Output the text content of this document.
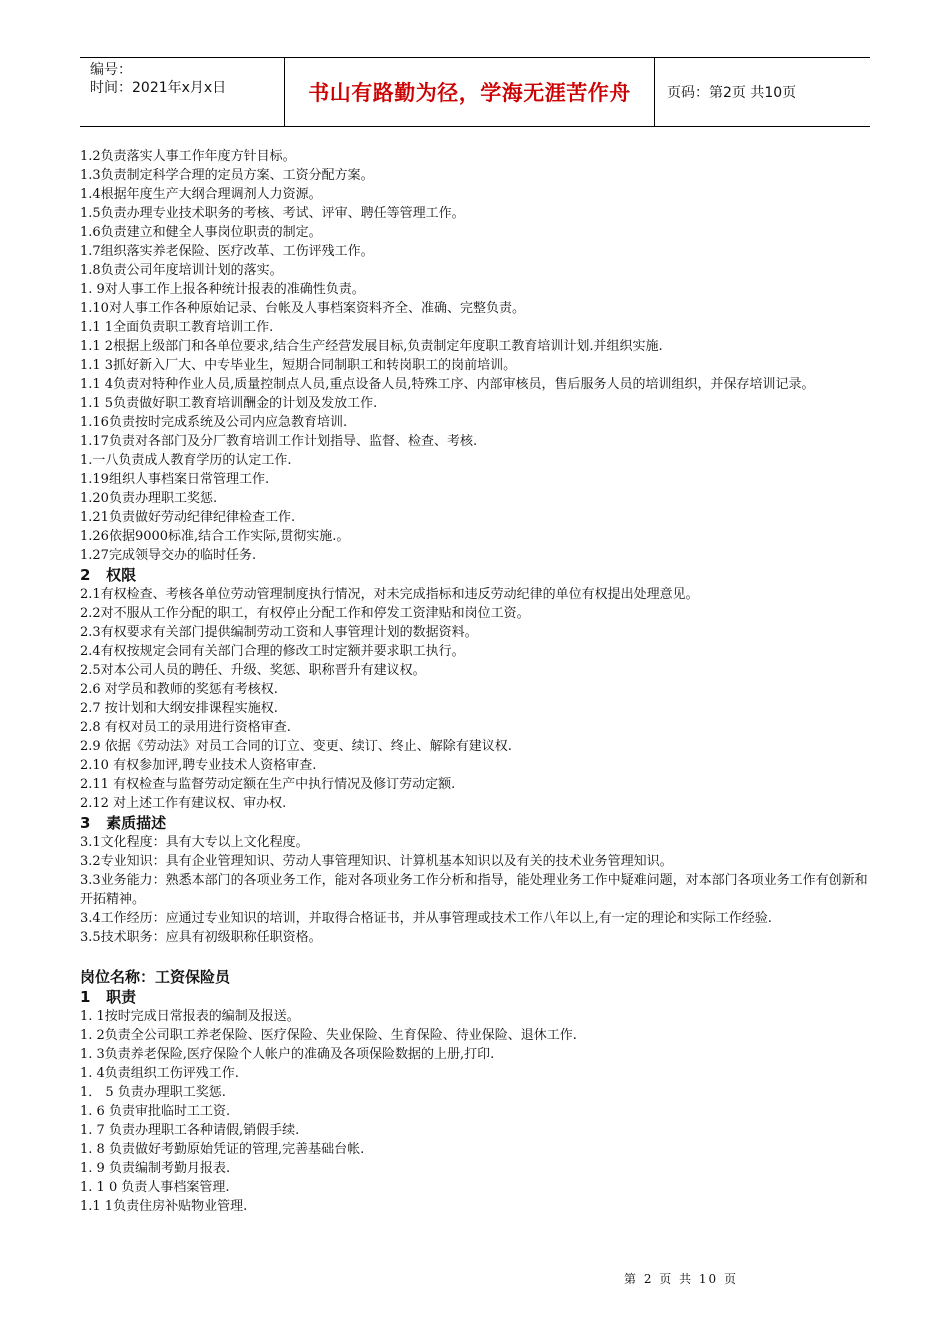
编号：
时间：2021年x月x日	书山有路勤为径，学海无涯苦作舟	页码：第2页 共10页

1.2负责落实人事工作年度方针目标。

1.3负责制定科学合理的定员方案、工资分配方案。

1.4根据年度生产大纲合理调剂人力资源。

1.5负责办理专业技术职务的考核、考试、评审、聘任等管理工作。

1.6负责建立和健全人事岗位职责的制定。

1.7组织落实养老保险、医疗改革、工伤评残工作。

1.8负责公司年度培训计划的落实。

1. 9对人事工作上报各种统计报表的准确性负责。

1.10对人事工作各种原始记录、台帐及人事档案资料齐全、准确、完整负责。

1.1 1全面负责职工教育培训工作.

1.1 2根据上级部门和各单位要求,结合生产经营发展目标,负责制定年度职工教育培训计划.并组织实施.

1.1 3抓好新入厂大、中专毕业生，短期合同制职工和转岗职工的岗前培训。

1.1 4负责对特种作业人员,质量控制点人员,重点设备人员,特殊工序、内部审核员，售后服务人员的培训组织，并保存培训记录。

1.1 5负责做好职工教育培训酬金的计划及发放工作.

1.16负责按时完成系统及公司内应急教育培训.

1.17负责对各部门及分厂教育培训工作计划指导、监督、检查、考核.

1.一八负责成人教育学历的认定工作.

1.19组织人事档案日常管理工作.

1.20负责办理职工奖惩.

1.21负责做好劳动纪律纪律检查工作.

1.26依据9000标准,结合工作实际,贯彻实施.。

1.27完成领导交办的临时任务.

2   权限

2.1有权检查、考核各单位劳动管理制度执行情况，对未完成指标和违反劳动纪律的单位有权提出处理意见。

2.2对不服从工作分配的职工，有权停止分配工作和停发工资津贴和岗位工资。

2.3有权要求有关部门提供编制劳动工资和人事管理计划的数据资料。

2.4有权按规定会同有关部门合理的修改工时定额并要求职工执行。

2.5对本公司人员的聘任、升级、奖惩、职称晋升有建议权。

2.6 对学员和教师的奖惩有考核权.

2.7 按计划和大纲安排课程实施权.

2.8 有权对员工的录用进行资格审查.

2.9 依据《劳动法》对员工合同的订立、变更、续订、终止、解除有建议权.

2.10 有权参加评,聘专业技术人资格审查.

2.11 有权检查与监督劳动定额在生产中执行情况及修订劳动定额.

2.12 对上述工作有建议权、审办权.

3   素质描述

3.1文化程度：具有大专以上文化程度。

3.2专业知识：具有企业管理知识、劳动人事管理知识、计算机基本知识以及有关的技术业务管理知识。

3.3业务能力：熟悉本部门的各项业务工作，能对各项业务工作分析和指导，能处理业务工作中疑难问题，对本部门各项业务工作有创新和开拓精神。

3.4工作经历：应通过专业知识的培训，并取得合格证书，并从事管理或技术工作八年以上,有一定的理论和实际工作经验.

3.5技术职务：应具有初级职称任职资格。

岗位名称：工资保险员

1   职责

1. 1按时完成日常报表的编制及报送。

1. 2负责全公司职工养老保险、医疗保险、失业保险、生育保险、待业保险、退休工作.

1. 3负责养老保险,医疗保险个人帐户的准确及各项保险数据的上册,打印.

1. 4负责组织工伤评残工作.

1． 5 负责办理职工奖惩.

1. 6 负责审批临时工工资.

1. 7 负责办理职工各种请假,销假手续.

1. 8 负责做好考勤原始凭证的管理,完善基础台帐.

1. 9 负责编制考勤月报表.

1. 1 0 负责人事档案管理.

1.1 1负责住房补贴物业管理.

第 2 页 共 10 页
